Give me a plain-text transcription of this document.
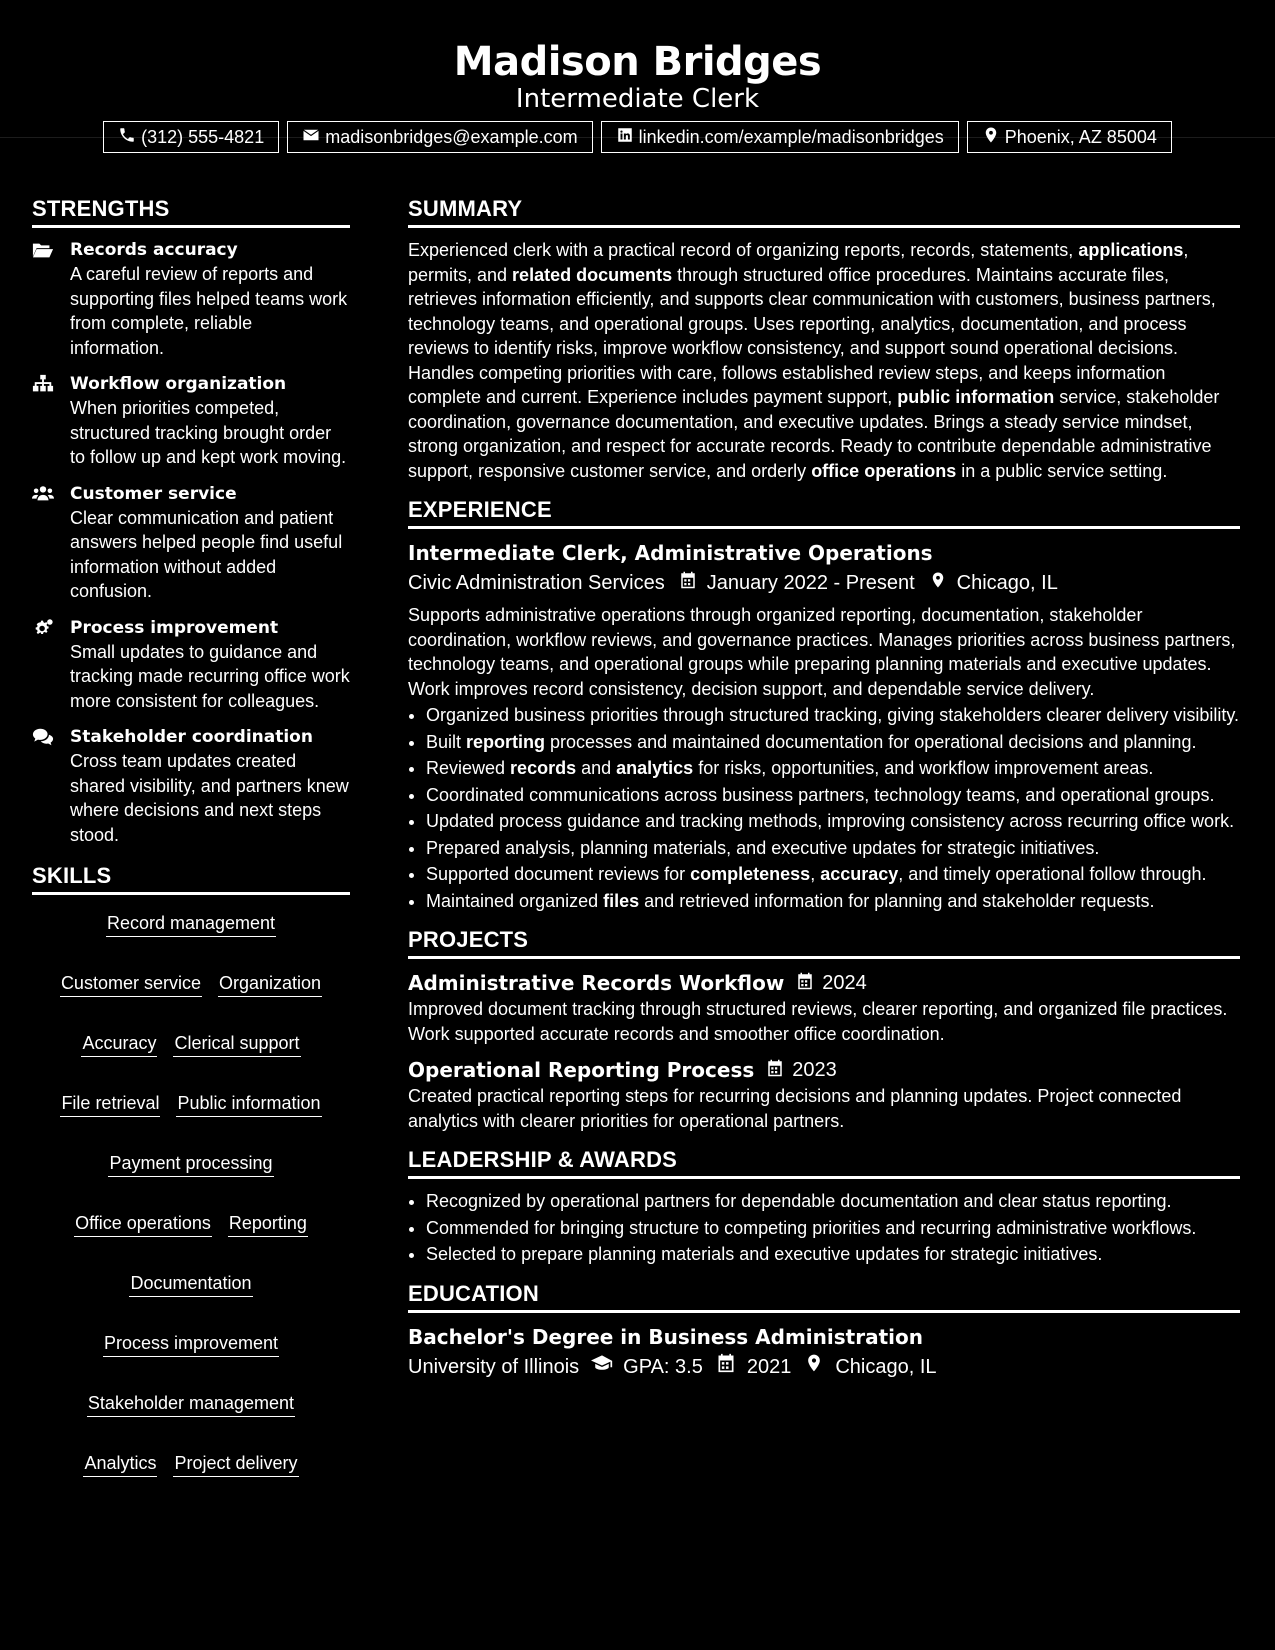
Madison Bridges
Intermediate Clerk
(312) 555-4821	madisonbridges@example.com	linkedin.com/example/madisonbridges	Phoenix, AZ 85004
STRENGTHS
Records accuracy
A careful review of reports and supporting files helped teams work from complete, reliable information.
Workflow organization
When priorities competed, structured tracking brought order to follow up and kept work moving.
Customer service
Clear communication and patient answers helped people find useful information without added confusion.
Process improvement
Small updates to guidance and tracking made recurring office work more consistent for colleagues.
Stakeholder coordination
Cross team updates created shared visibility, and partners knew where decisions and next steps stood.
SKILLS
Record management
Customer service Organization
Accuracy Clerical support
File retrieval Public information
Payment processing
Office operations Reporting
Documentation
Process improvement
Stakeholder management
Analytics Project delivery
SUMMARY
Experienced clerk with a practical record of organizing reports, records, statements, applications, permits, and related documents through structured office procedures. Maintains accurate files, retrieves information efficiently, and supports clear communication with customers, business partners, technology teams, and operational groups. Uses reporting, analytics, documentation, and process reviews to identify risks, improve workflow consistency, and support sound operational decisions. Handles competing priorities with care, follows established review steps, and keeps information complete and current. Experience includes payment support, public information service, stakeholder coordination, governance documentation, and executive updates. Brings a steady service mindset, strong organization, and respect for accurate records. Ready to contribute dependable administrative support, responsive customer service, and orderly office operations in a public service setting.
EXPERIENCE
Intermediate Clerk, Administrative Operations
Civic Administration Services January 2022 - Present Chicago, IL
Supports administrative operations through organized reporting, documentation, stakeholder coordination, workflow reviews, and governance practices. Manages priorities across business partners, technology teams, and operational groups while preparing planning materials and executive updates. Work improves record consistency, decision support, and dependable service delivery.
• Organized business priorities through structured tracking, giving stakeholders clearer delivery visibility.
• Built reporting processes and maintained documentation for operational decisions and planning.
• Reviewed records and analytics for risks, opportunities, and workflow improvement areas.
• Coordinated communications across business partners, technology teams, and operational groups.
• Updated process guidance and tracking methods, improving consistency across recurring office work.
• Prepared analysis, planning materials, and executive updates for strategic initiatives.
• Supported document reviews for completeness, accuracy, and timely operational follow through.
• Maintained organized files and retrieved information for planning and stakeholder requests.
PROJECTS
Administrative Records Workflow 2024
Improved document tracking through structured reviews, clearer reporting, and organized file practices. Work supported accurate records and smoother office coordination.
Operational Reporting Process 2023
Created practical reporting steps for recurring decisions and planning updates. Project connected analytics with clearer priorities for operational partners.
LEADERSHIP & AWARDS
• Recognized by operational partners for dependable documentation and clear status reporting.
• Commended for bringing structure to competing priorities and recurring administrative workflows.
• Selected to prepare planning materials and executive updates for strategic initiatives.
EDUCATION
Bachelor's Degree in Business Administration
University of Illinois GPA: 3.5 2021 Chicago, IL
